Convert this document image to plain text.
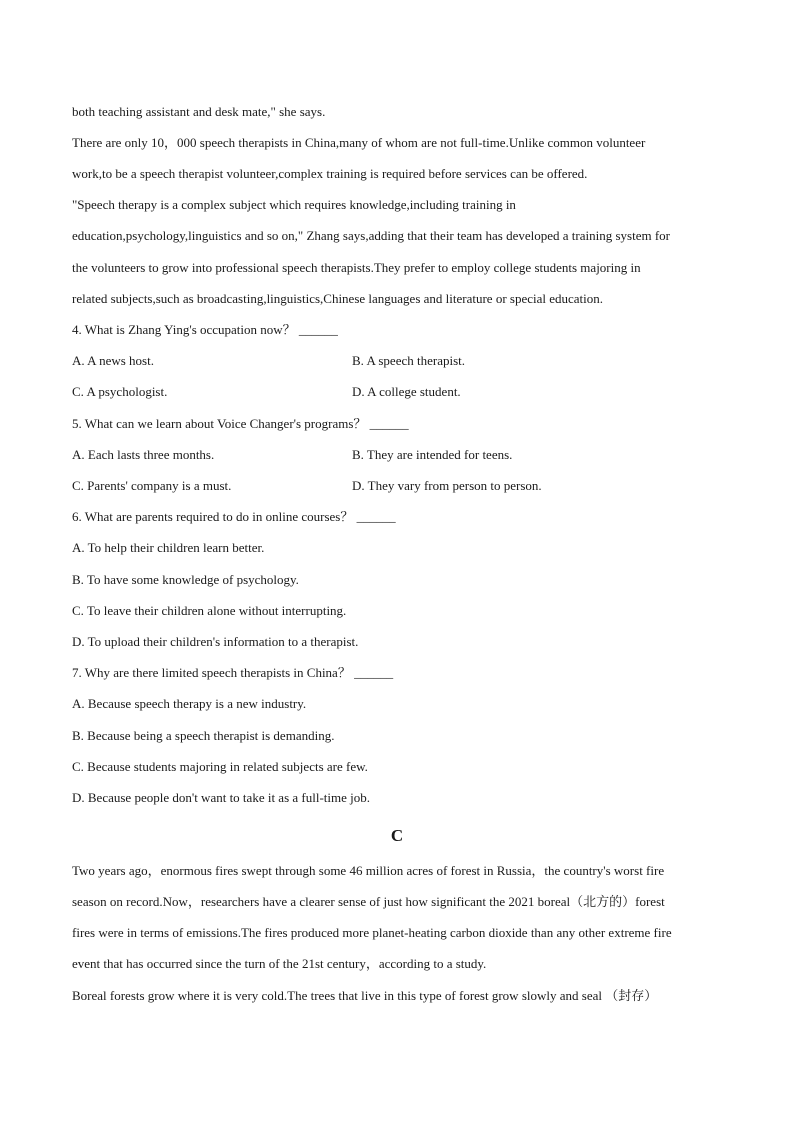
both teaching assistant and desk mate," she says.
There are only 10，000 speech therapists in China,many of whom are not full-time.Unlike common volunteer
work,to be a speech therapist volunteer,complex training is required before services can be offered.
"Speech therapy is a complex subject which requires knowledge,including training in
education,psychology,linguistics and so on," Zhang says,adding that their team has developed a training system for
the volunteers to grow into professional speech therapists.They prefer to employ college students majoring in
related subjects,such as broadcasting,linguistics,Chinese languages and literature or special education.
4. What is Zhang Ying's occupation now？ ______
A. A news host.	B. A speech therapist.
C. A psychologist.	D. A college student.
5. What can we learn about Voice Changer's programs？ ______
A. Each lasts three months.	B. They are intended for teens.
C. Parents' company is a must.	D. They vary from person to person.
6. What are parents required to do in online courses？ ______
A. To help their children learn better.
B. To have some knowledge of psychology.
C. To leave their children alone without interrupting.
D. To upload their children's information to a therapist.
7. Why are there limited speech therapists in China？ ______
A. Because speech therapy is a new industry.
B. Because being a speech therapist is demanding.
C. Because students majoring in related subjects are few.
D. Because people don't want to take it as a full-time job.
C
Two years ago，enormous fires swept through some 46 million acres of forest in Russia，the country's worst fire
season on record.Now，researchers have a clearer sense of just how significant the 2021 boreal（北方的）forest
fires were in terms of emissions.The fires produced more planet-heating carbon dioxide than any other extreme fire
event that has occurred since the turn of the 21st century，according to a study.
Boreal forests grow where it is very cold.The trees that live in this type of forest grow slowly and seal （封存）
